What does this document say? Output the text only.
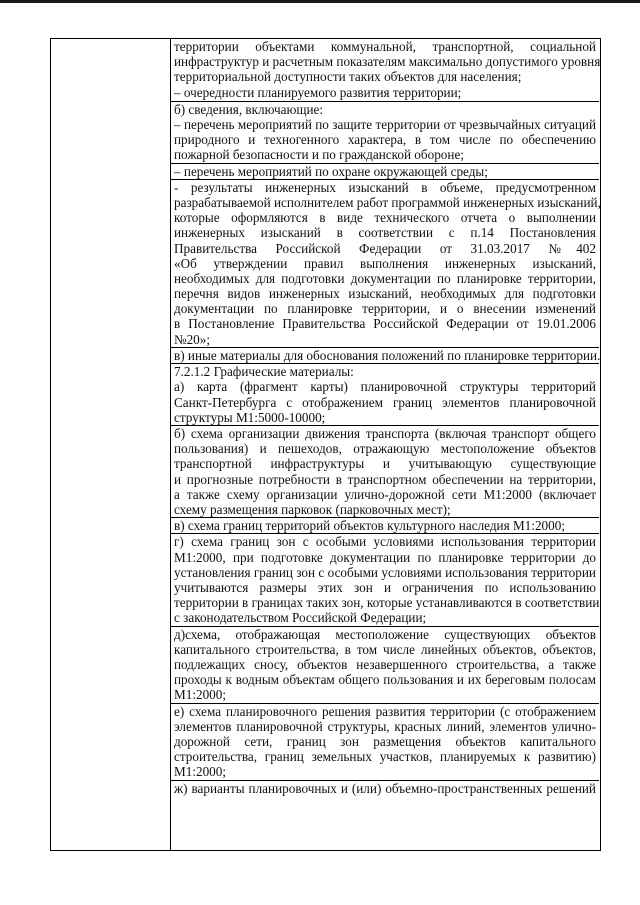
территории объектами коммунальной, транспортной, социальной
инфраструктур и расчетным показателям максимально допустимого уровня
территориальной доступности таких объектов для населения;
– очередности планируемого развития территории;
б) сведения, включающие:
– перечень мероприятий по защите территории от чрезвычайных ситуаций
природного и техногенного характера, в том числе по обеспечению
пожарной безопасности и по гражданской обороне;
– перечень мероприятий по охране окружающей среды;
- результаты инженерных изысканий в объеме, предусмотренном
разрабатываемой исполнителем работ программой инженерных изысканий,
которые оформляются в виде технического отчета о выполнении
инженерных изысканий в соответствии с п.14 Постановления
Правительства Российской Федерации от 31.03.2017 №402
«Об утверждении правил выполнения инженерных изысканий,
необходимых для подготовки документации по планировке территории,
перечня видов инженерных изысканий, необходимых для подготовки
документации по планировке территории, и о внесении изменений
в Постановление Правительства Российской Федерации от 19.01.2006
№20»;
в) иные материалы для обоснования положений по планировке территории.
7.2.1.2 Графические материалы:
а) карта (фрагмент карты) планировочной структуры территорий
Санкт-Петербурга с отображением границ элементов планировочной
структуры М1:5000-10000;
б) схема организации движения транспорта (включая транспорт общего
пользования) и пешеходов, отражающую местоположение объектов
транспортной инфраструктуры и учитывающую существующие
и прогнозные потребности в транспортном обеспечении на территории,
а также схему организации улично-дорожной сети М1:2000 (включает
схему размещения парковок (парковочных мест);
в) схема границ территорий объектов культурного наследия М1:2000;
г) схема границ зон с особыми условиями использования территории
М1:2000, при подготовке документации по планировке территории до
установления границ зон с особыми условиями использования территории
учитываются размеры этих зон и ограничения по использованию
территории в границах таких зон, которые устанавливаются в соответствии
с законодательством Российской Федерации;
д)схема, отображающая местоположение существующих объектов
капитального строительства, в том числе линейных объектов, объектов,
подлежащих сносу, объектов незавершенного строительства, а также
проходы к водным объектам общего пользования и их береговым полосам
М1:2000;
е) схема планировочного решения развития территории (с отображением
элементов планировочной структуры, красных линий, элементов улично-
дорожной сети, границ зон размещения объектов капитального
строительства, границ земельных участков, планируемых к развитию)
М1:2000;
ж) варианты планировочных и (или) объемно-пространственных решений
